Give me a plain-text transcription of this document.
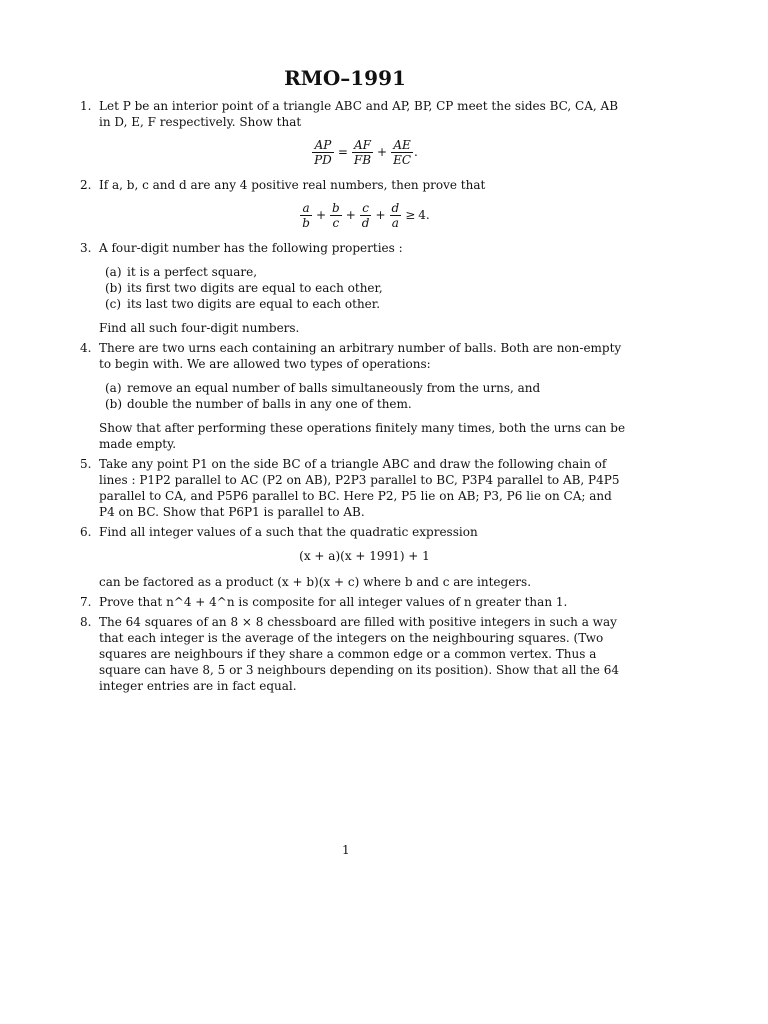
RMO–1991
1. Let P be an interior point of a triangle ABC and AP, BP, CP meet the sides BC, CA, AB in D, E, F respectively. Show that
$\frac{AP}{PD} = \frac{AF}{FB} + \frac{AE}{EC}$ .
2. If a, b, c and d are any 4 positive real numbers, then prove that
$\frac{a}{b} + \frac{b}{c} + \frac{c}{d} + \frac{d}{a} \ge 4$.
3. A four-digit number has the following properties :
(a) it is a perfect square,
(b) its first two digits are equal to each other,
(c) its last two digits are equal to each other.
Find all such four-digit numbers.
4. There are two urns each containing an arbitrary number of balls. Both are non-empty to begin with. We are allowed two types of operations:
(a) remove an equal number of balls simultaneously from the urns, and
(b) double the number of balls in any one of them.
Show that after performing these operations finitely many times, both the urns can be made empty.
5. Take any point P1 on the side BC of a triangle ABC and draw the following chain of lines : P1P2 parallel to AC (P2 on AB), P2P3 parallel to BC, P3P4 parallel to AB, P4P5 parallel to CA, and P5P6 parallel to BC. Here P2, P5 lie on AB; P3, P6 lie on CA; and P4 on BC. Show that P6P1 is parallel to AB.
6. Find all integer values of a such that the quadratic expression
(x + a)(x + 1991) + 1
can be factored as a product (x + b)(x + c) where b and c are integers.
7. Prove that n^4 + 4^n is composite for all integer values of n greater than 1.
8. The 64 squares of an 8 × 8 chessboard are filled with positive integers in such a way that each integer is the average of the integers on the neighbouring squares. (Two squares are neighbours if they share a common edge or a common vertex. Thus a square can have 8, 5 or 3 neighbours depending on its position). Show that all the 64 integer entries are in fact equal.
1
